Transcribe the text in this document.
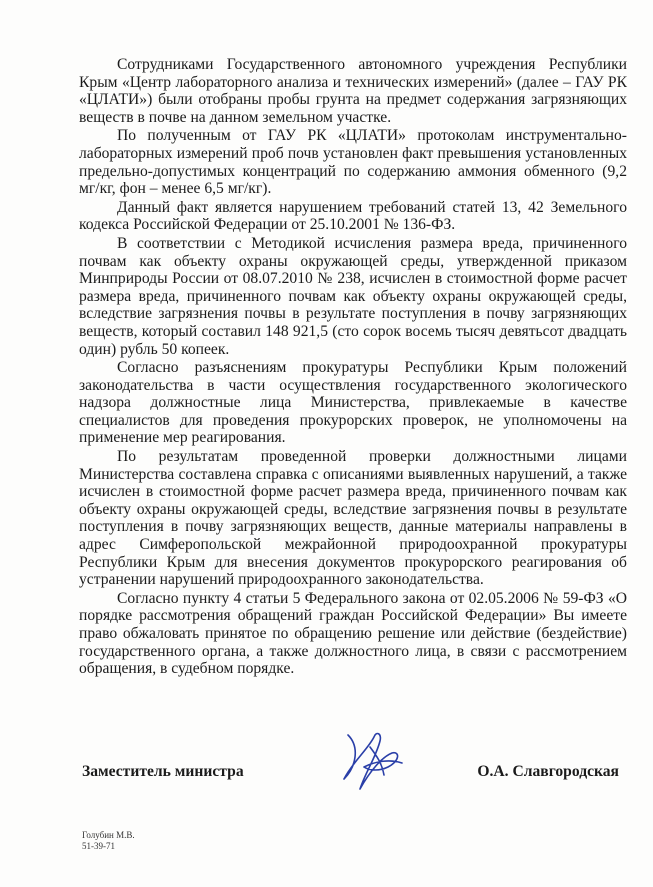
Сотрудниками Государственного автономного учреждения Республики Крым «Центр лабораторного анализа и технических измерений» (далее – ГАУ РК «ЦЛАТИ») были отобраны пробы грунта на предмет содержания загрязняющих веществ в почве на данном земельном участке.

По полученным от ГАУ РК «ЦЛАТИ» протоколам инструментально-лабораторных измерений проб почв установлен факт превышения установленных предельно-допустимых концентраций по содержанию аммония обменного (9,2 мг/кг, фон – менее 6,5 мг/кг).

Данный факт является нарушением требований статей 13, 42 Земельного кодекса Российской Федерации от 25.10.2001 № 136-ФЗ.

В соответствии с Методикой исчисления размера вреда, причиненного почвам как объекту охраны окружающей среды, утвержденной приказом Минприроды России от 08.07.2010 № 238, исчислен в стоимостной форме расчет размера вреда, причиненного почвам как объекту охраны окружающей среды, вследствие загрязнения почвы в результате поступления в почву загрязняющих веществ, который составил 148 921,5 (сто сорок восемь тысяч девятьсот двадцать один) рубль 50 копеек.

Согласно разъяснениям прокуратуры Республики Крым положений законодательства в части осуществления государственного экологического надзора должностные лица Министерства, привлекаемые в качестве специалистов для проведения прокурорских проверок, не уполномочены на применение мер реагирования.

По результатам проведенной проверки должностными лицами Министерства составлена справка с описаниями выявленных нарушений, а также исчислен в стоимостной форме расчет размера вреда, причиненного почвам как объекту охраны окружающей среды, вследствие загрязнения почвы в результате поступления в почву загрязняющих веществ, данные материалы направлены в адрес Симферопольской межрайонной природоохранной прокуратуры Республики Крым для внесения документов прокурорского реагирования об устранении нарушений природоохранного законодательства.

Согласно пункту 4 статьи 5 Федерального закона от 02.05.2006 № 59-ФЗ «О порядке рассмотрения обращений граждан Российской Федерации» Вы имеете право обжаловать принятое по обращению решение или действие (бездействие) государственного органа, а также должностного лица, в связи с рассмотрением обращения, в судебном порядке.

Заместитель министра	О.А. Славгородская
Голубин М.В.
51-39-71
